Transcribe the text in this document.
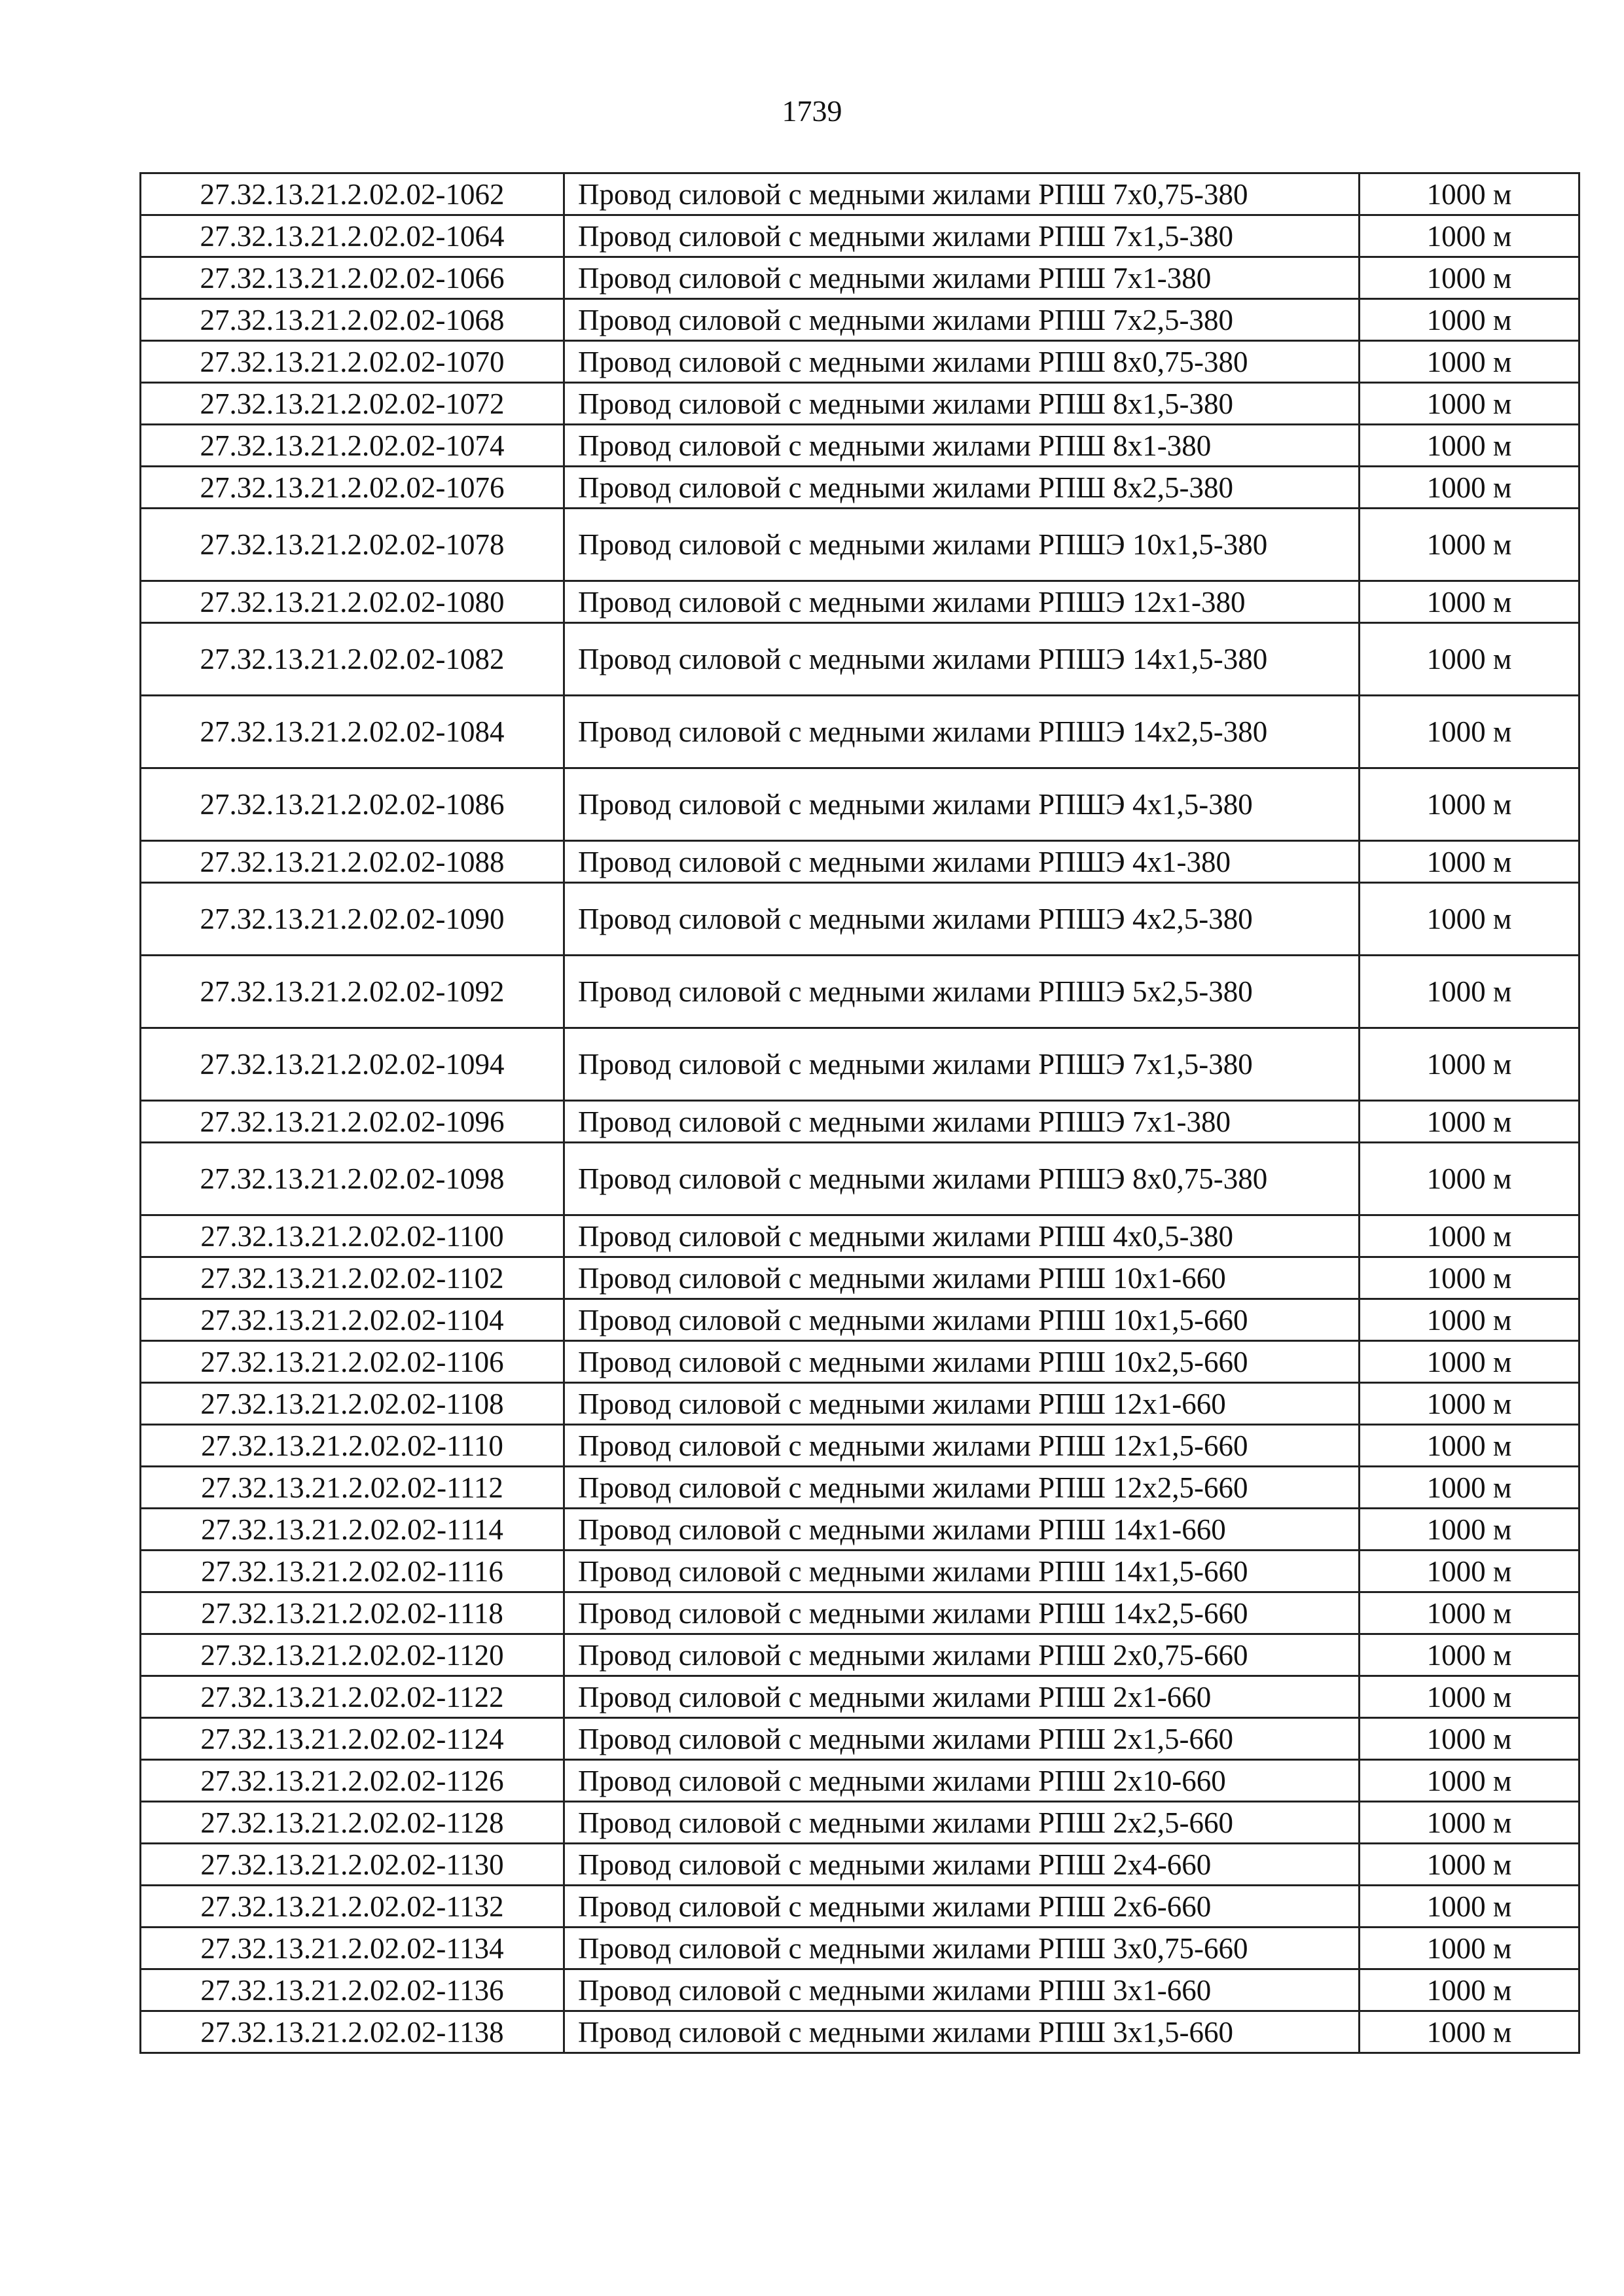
1739
27.32.13.21.2.02.02-1062	Провод силовой с медными жилами РПШ 7х0,75-380	1000 м
27.32.13.21.2.02.02-1064	Провод силовой с медными жилами РПШ 7х1,5-380	1000 м
27.32.13.21.2.02.02-1066	Провод силовой с медными жилами РПШ 7х1-380	1000 м
27.32.13.21.2.02.02-1068	Провод силовой с медными жилами РПШ 7х2,5-380	1000 м
27.32.13.21.2.02.02-1070	Провод силовой с медными жилами РПШ 8х0,75-380	1000 м
27.32.13.21.2.02.02-1072	Провод силовой с медными жилами РПШ 8х1,5-380	1000 м
27.32.13.21.2.02.02-1074	Провод силовой с медными жилами РПШ 8х1-380	1000 м
27.32.13.21.2.02.02-1076	Провод силовой с медными жилами РПШ 8х2,5-380	1000 м
27.32.13.21.2.02.02-1078	Провод силовой с медными жилами РПШЭ 10х1,5-380	1000 м
27.32.13.21.2.02.02-1080	Провод силовой с медными жилами РПШЭ 12х1-380	1000 м
27.32.13.21.2.02.02-1082	Провод силовой с медными жилами РПШЭ 14х1,5-380	1000 м
27.32.13.21.2.02.02-1084	Провод силовой с медными жилами РПШЭ 14х2,5-380	1000 м
27.32.13.21.2.02.02-1086	Провод силовой с медными жилами РПШЭ 4х1,5-380	1000 м
27.32.13.21.2.02.02-1088	Провод силовой с медными жилами РПШЭ 4х1-380	1000 м
27.32.13.21.2.02.02-1090	Провод силовой с медными жилами РПШЭ 4х2,5-380	1000 м
27.32.13.21.2.02.02-1092	Провод силовой с медными жилами РПШЭ 5х2,5-380	1000 м
27.32.13.21.2.02.02-1094	Провод силовой с медными жилами РПШЭ 7х1,5-380	1000 м
27.32.13.21.2.02.02-1096	Провод силовой с медными жилами РПШЭ 7х1-380	1000 м
27.32.13.21.2.02.02-1098	Провод силовой с медными жилами РПШЭ 8х0,75-380	1000 м
27.32.13.21.2.02.02-1100	Провод силовой с медными жилами РПШ 4х0,5-380	1000 м
27.32.13.21.2.02.02-1102	Провод силовой с медными жилами РПШ 10х1-660	1000 м
27.32.13.21.2.02.02-1104	Провод силовой с медными жилами РПШ 10х1,5-660	1000 м
27.32.13.21.2.02.02-1106	Провод силовой с медными жилами РПШ 10х2,5-660	1000 м
27.32.13.21.2.02.02-1108	Провод силовой с медными жилами РПШ 12х1-660	1000 м
27.32.13.21.2.02.02-1110	Провод силовой с медными жилами РПШ 12х1,5-660	1000 м
27.32.13.21.2.02.02-1112	Провод силовой с медными жилами РПШ 12х2,5-660	1000 м
27.32.13.21.2.02.02-1114	Провод силовой с медными жилами РПШ 14х1-660	1000 м
27.32.13.21.2.02.02-1116	Провод силовой с медными жилами РПШ 14х1,5-660	1000 м
27.32.13.21.2.02.02-1118	Провод силовой с медными жилами РПШ 14х2,5-660	1000 м
27.32.13.21.2.02.02-1120	Провод силовой с медными жилами РПШ 2х0,75-660	1000 м
27.32.13.21.2.02.02-1122	Провод силовой с медными жилами РПШ 2х1-660	1000 м
27.32.13.21.2.02.02-1124	Провод силовой с медными жилами РПШ 2х1,5-660	1000 м
27.32.13.21.2.02.02-1126	Провод силовой с медными жилами РПШ 2х10-660	1000 м
27.32.13.21.2.02.02-1128	Провод силовой с медными жилами РПШ 2х2,5-660	1000 м
27.32.13.21.2.02.02-1130	Провод силовой с медными жилами РПШ 2х4-660	1000 м
27.32.13.21.2.02.02-1132	Провод силовой с медными жилами РПШ 2х6-660	1000 м
27.32.13.21.2.02.02-1134	Провод силовой с медными жилами РПШ 3х0,75-660	1000 м
27.32.13.21.2.02.02-1136	Провод силовой с медными жилами РПШ 3х1-660	1000 м
27.32.13.21.2.02.02-1138	Провод силовой с медными жилами РПШ 3х1,5-660	1000 м
